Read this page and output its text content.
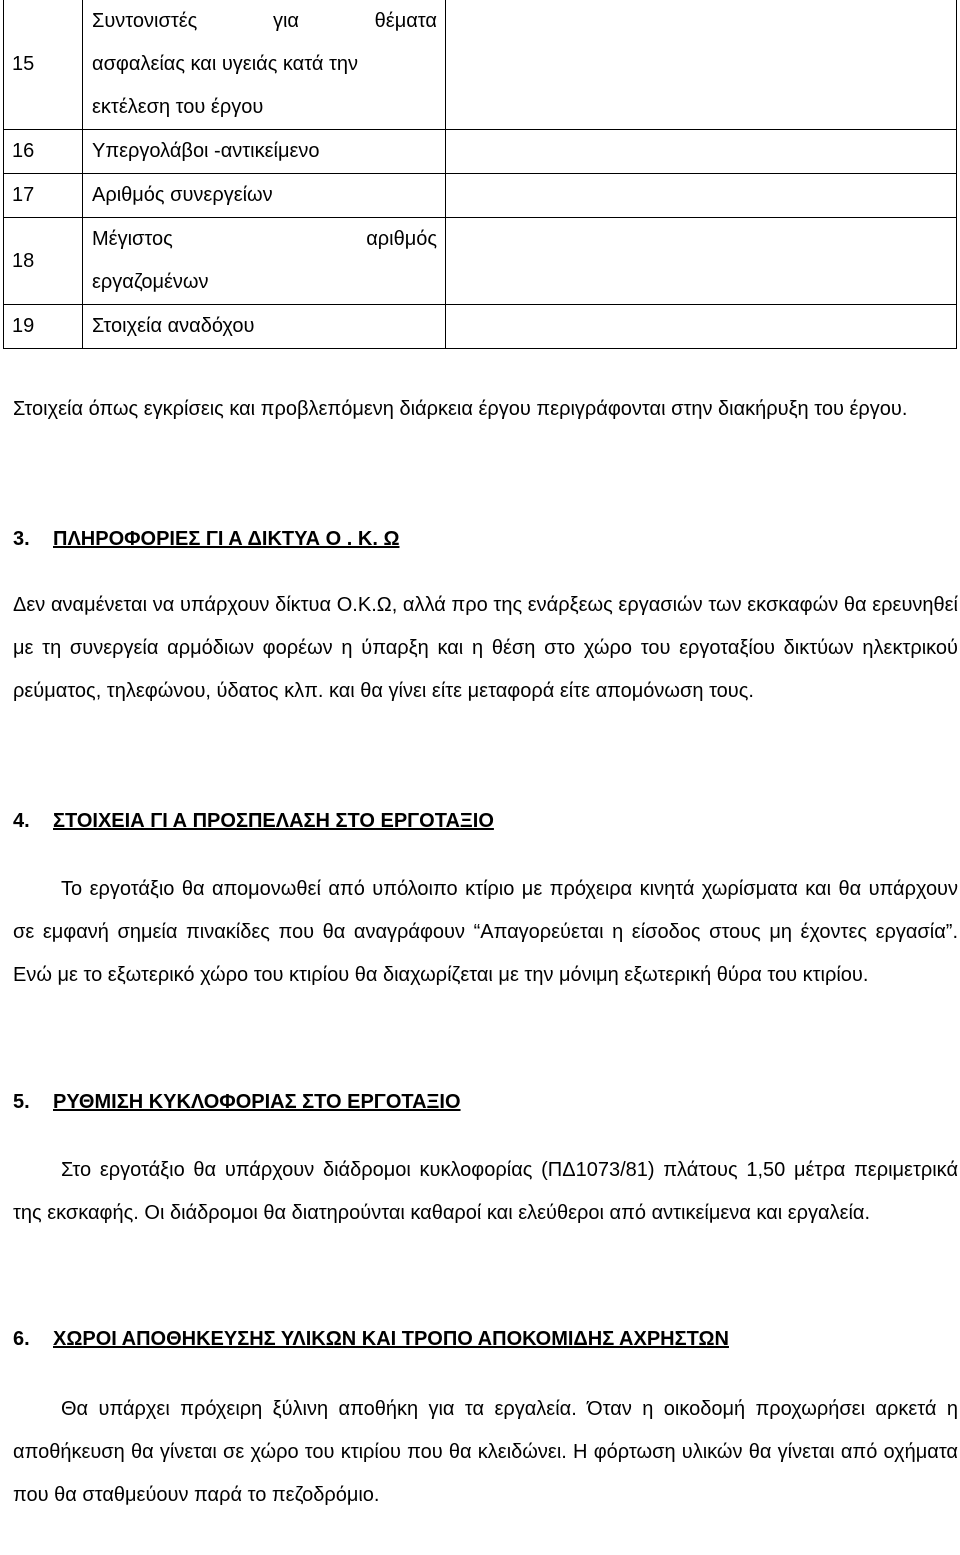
15	Συντονιστές για θέματα
ασφαλείας και υγειάς κατά την
εκτέλεση του έργου	

16	Υπεργολάβοι -αντικείμενο	

17	Αριθμός συνεργείων	

18	Μέγιστος αριθμός
εργαζομένων	

19	Στοιχεία αναδόχου	

Στοιχεία όπως εγκρίσεις και προβλεπόμενη διάρκεια έργου περιγράφονται στην διακήρυξη του έργου.

3. ΠΛΗΡΟΦΟΡΙΕΣ ΓΙ Α ΔΙΚΤΥΑ Ο . Κ. Ω

Δεν αναμένεται να υπάρχουν δίκτυα Ο.Κ.Ω, αλλά προ της ενάρξεως εργασιών των εκσκαφών θα ερευνηθεί με τη συνεργεία αρμόδιων φορέων η ύπαρξη και η θέση στο χώρο του εργοταξίου δικτύων ηλεκτρικού ρεύματος, τηλεφώνου, ύδατος κλπ. και θα γίνει είτε μεταφορά είτε απομόνωση τους.

4. ΣΤΟΙΧΕΙΑ ΓΙ Α ΠΡΟΣΠΕΛΑΣΗ ΣΤΟ ΕΡΓΟΤΑΞΙΟ

Το εργοτάξιο θα απομονωθεί από υπόλοιπο κτίριο με πρόχειρα κινητά χωρίσματα και θα υπάρχουν σε εμφανή σημεία πινακίδες που θα αναγράφουν “Απαγορεύεται η είσοδος στους μη έχοντες εργασία”. Ενώ με το εξωτερικό χώρο του κτιρίου θα διαχωρίζεται με την μόνιμη εξωτερική θύρα του κτιρίου.

5. ΡΥΘΜΙΣΗ ΚΥΚΛΟΦΟΡΙΑΣ ΣΤΟ ΕΡΓΟΤΑΞΙΟ

Στο εργοτάξιο θα υπάρχουν διάδρομοι κυκλοφορίας (ΠΔ1073/81) πλάτους 1,50 μέτρα περιμετρικά της εκσκαφής. Οι διάδρομοι θα διατηρούνται καθαροί και ελεύθεροι από αντικείμενα και εργαλεία.

6. ΧΩΡΟΙ ΑΠΟΘΗΚΕΥΣΗΣ ΥΛΙΚΩΝ ΚΑΙ ΤΡΟΠΟ ΑΠΟΚΟΜΙΔΗΣ ΑΧΡΗΣΤΩΝ

Θα υπάρχει πρόχειρη ξύλινη αποθήκη για τα εργαλεία. Όταν η οικοδομή προχωρήσει αρκετά η αποθήκευση θα γίνεται σε χώρο του κτιρίου που θα κλειδώνει. Η φόρτωση υλικών θα γίνεται από οχήματα που θα σταθμεύουν παρά το πεζοδρόμιο.
